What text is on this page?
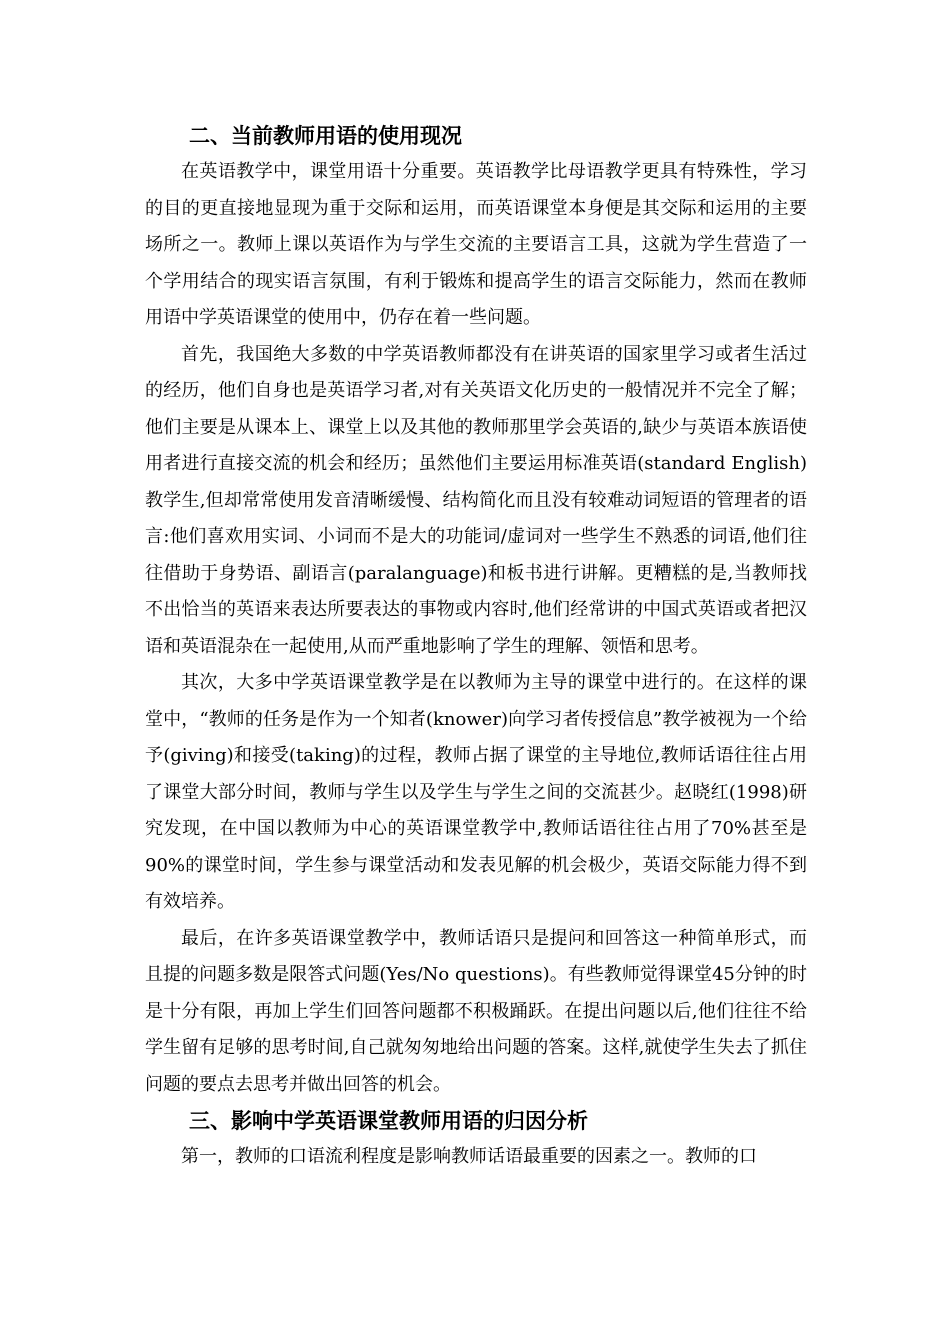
二、当前教师用语的使用现况

在英语教学中，课堂用语十分重要。英语教学比母语教学更具有特殊性，学习的目的更直接地显现为重于交际和运用，而英语课堂本身便是其交际和运用的主要场所之一。教师上课以英语作为与学生交流的主要语言工具，这就为学生营造了一个学用结合的现实语言氛围，有利于锻炼和提高学生的语言交际能力，然而在教师用语中学英语课堂的使用中，仍存在着一些问题。

首先，我国绝大多数的中学英语教师都没有在讲英语的国家里学习或者生活过的经历，他们自身也是英语学习者,对有关英语文化历史的一般情况并不完全了解；他们主要是从课本上、课堂上以及其他的教师那里学会英语的,缺少与英语本族语使用者进行直接交流的机会和经历；虽然他们主要运用标准英语(standard English)教学生,但却常常使用发音清晰缓慢、结构简化而且没有较难动词短语的管理者的语言:他们喜欢用实词、小词而不是大的功能词/虚词对一些学生不熟悉的词语,他们往往借助于身势语、副语言(paralanguage)和板书进行讲解。更糟糕的是,当教师找不出恰当的英语来表达所要表达的事物或内容时,他们经常讲的中国式英语或者把汉语和英语混杂在一起使用,从而严重地影响了学生的理解、领悟和思考。

其次，大多中学英语课堂教学是在以教师为主导的课堂中进行的。在这样的课堂中，“教师的任务是作为一个知者(knower)向学习者传授信息”教学被视为一个给予(giving)和接受(taking)的过程，教师占据了课堂的主导地位,教师话语往往占用了课堂大部分时间，教师与学生以及学生与学生之间的交流甚少。赵晓红(1998)研究发现，在中国以教师为中心的英语课堂教学中,教师话语往往占用了70%甚至是90%的课堂时间，学生参与课堂活动和发表见解的机会极少，英语交际能力得不到有效培养。

最后，在许多英语课堂教学中，教师话语只是提问和回答这一种简单形式，而且提的问题多数是限答式问题(Yes/No questions)。有些教师觉得课堂45分钟的时是十分有限，再加上学生们回答问题都不积极踊跃。在提出问题以后,他们往往不给学生留有足够的思考时间,自己就匆匆地给出问题的答案。这样,就使学生失去了抓住问题的要点去思考并做出回答的机会。

三、影响中学英语课堂教师用语的归因分析

第一，教师的口语流利程度是影响教师话语最重要的因素之一。教师的口
